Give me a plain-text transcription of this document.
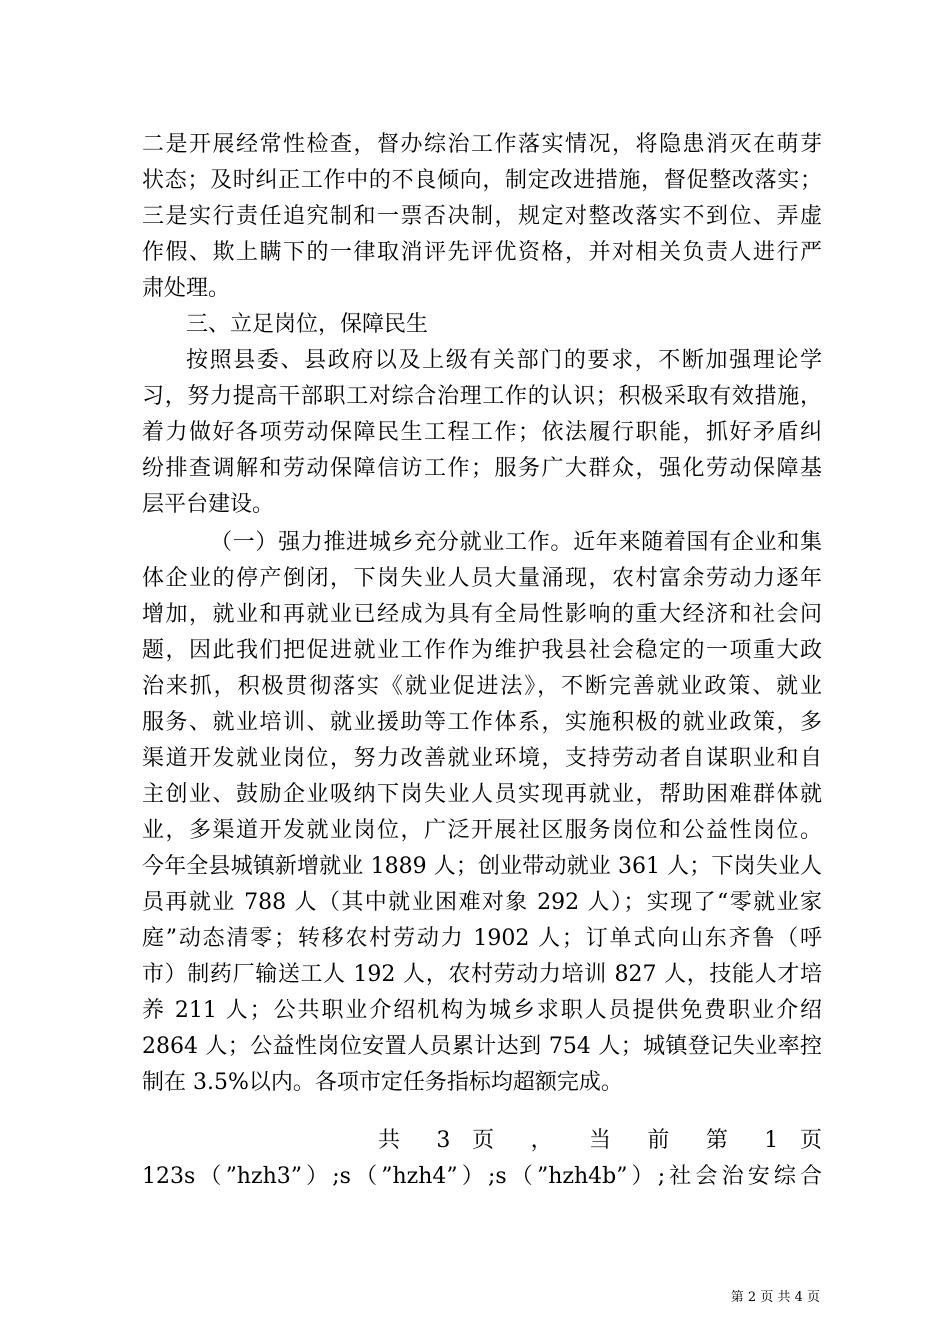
二是开展经常性检查，督办综治工作落实情况，将隐患消灭在萌芽
状态；及时纠正工作中的不良倾向，制定改进措施，督促整改落实；
三是实行责任追究制和一票否决制，规定对整改落实不到位、弄虚
作假、欺上瞒下的一律取消评先评优资格，并对相关负责人进行严
肃处理。
三、立足岗位，保障民生
按照县委、县政府以及上级有关部门的要求，不断加强理论学
习，努力提高干部职工对综合治理工作的认识；积极采取有效措施，
着力做好各项劳动保障民生工程工作；依法履行职能，抓好矛盾纠
纷排查调解和劳动保障信访工作；服务广大群众，强化劳动保障基
层平台建设。
（一）强力推进城乡充分就业工作。近年来随着国有企业和集
体企业的停产倒闭，下岗失业人员大量涌现，农村富余劳动力逐年
增加，就业和再就业已经成为具有全局性影响的重大经济和社会问
题，因此我们把促进就业工作作为维护我县社会稳定的一项重大政
治来抓，积极贯彻落实《就业促进法》，不断完善就业政策、就业
服务、就业培训、就业援助等工作体系，实施积极的就业政策，多
渠道开发就业岗位，努力改善就业环境，支持劳动者自谋职业和自
主创业、鼓励企业吸纳下岗失业人员实现再就业，帮助困难群体就
业，多渠道开发就业岗位，广泛开展社区服务岗位和公益性岗位。
今年全县城镇新增就业 1889 人；创业带动就业 361 人；下岗失业人
员再就业 788 人（其中就业困难对象 292 人）；实现了“零就业家
庭”动态清零；转移农村劳动力 1902 人；订单式向山东齐鲁（呼
市）制药厂输送工人 192 人，农村劳动力培训 827 人，技能人才培
养 211 人；公共职业介绍机构为城乡求职人员提供免费职业介绍
2864 人；公益性岗位安置人员累计达到 754 人；城镇登记失业率控
制在 3.5%以内。各项市定任务指标均超额完成。
共 3 页 ， 当 前 第 1 页
123s（”hzh3”）;s（”hzh4”）;s（”hzh4b”）;社会治安综合
第 2 页 共 4 页
